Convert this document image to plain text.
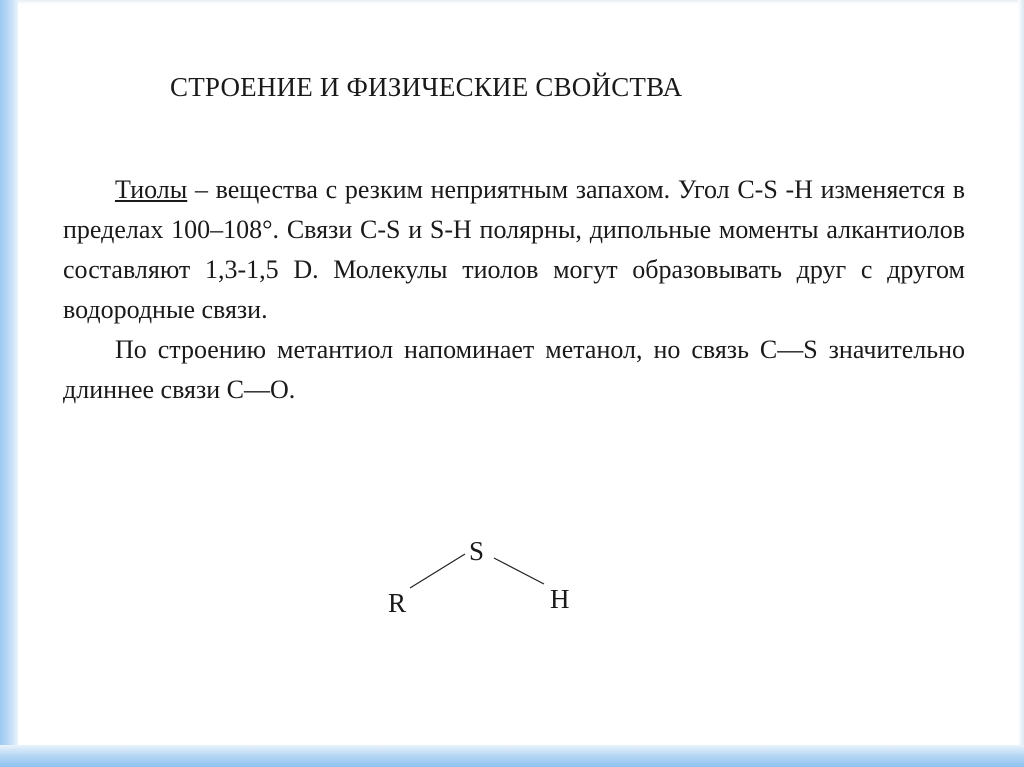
СТРОЕНИЕ И ФИЗИЧЕСКИЕ СВОЙСТВА

Тиолы – вещества с резким неприятным запахом. Угол C-S -H изменяется в пределах 100–108°. Связи C-S и S-H полярны, дипольные моменты алкантиолов составляют 1,3-1,5 D. Молекулы тиолов могут образовывать друг с другом водородные связи.

По строению метантиол напоминает метанол, но связь С—S значительно длиннее связи С—О.

S
R	H
